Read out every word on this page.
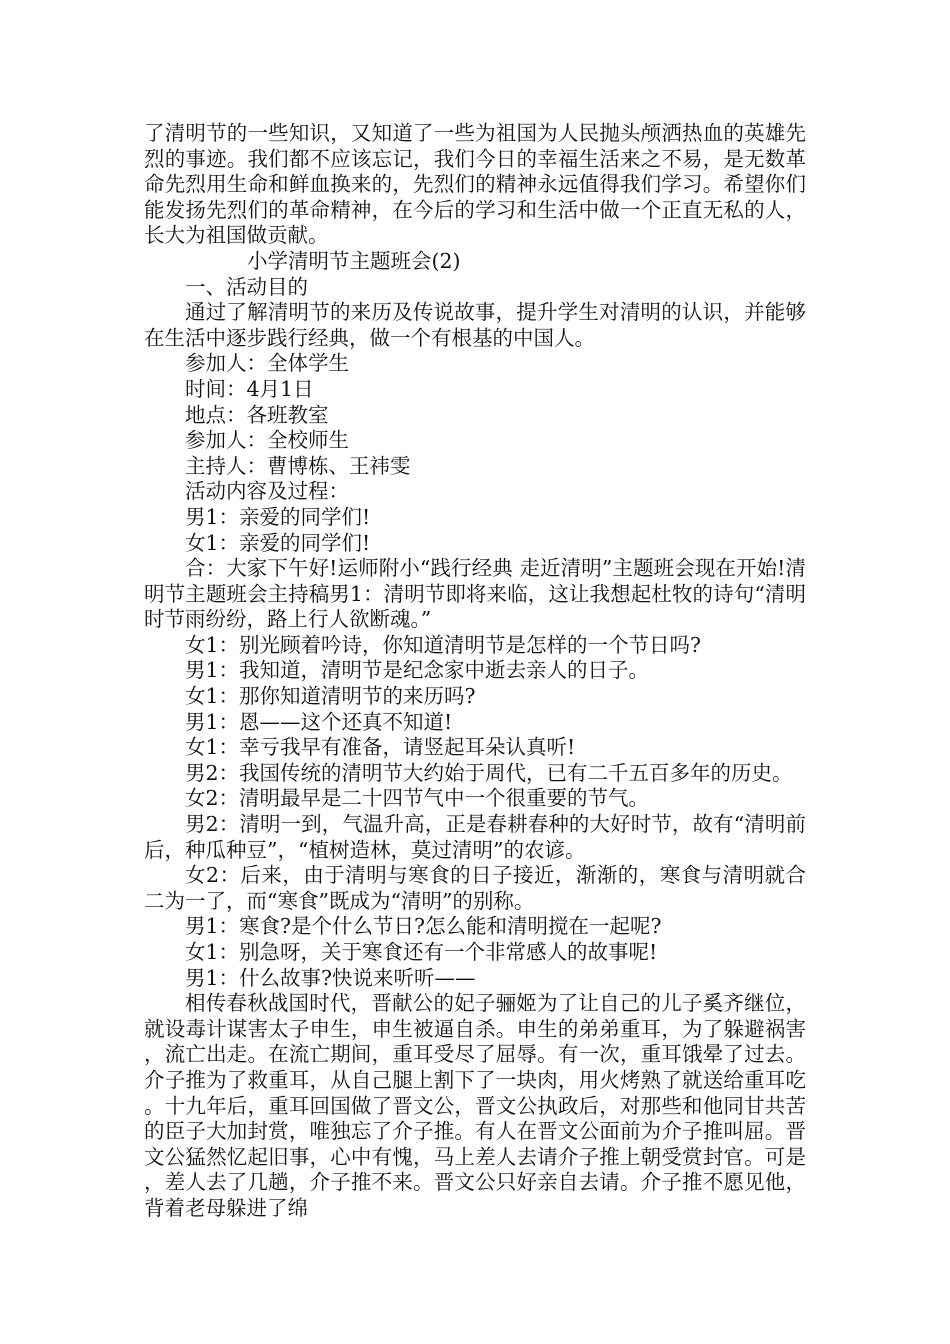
了清明节的一些知识，又知道了一些为祖国为人民抛头颅洒热血的英雄先烈的事迹。我们都不应该忘记，我们今日的幸福生活来之不易，是无数革命先烈用生命和鲜血换来的，先烈们的精神永远值得我们学习。希望你们能发扬先烈们的革命精神，在今后的学习和生活中做一个正直无私的人，长大为祖国做贡献。

小学清明节主题班会(2)

一、活动目的

通过了解清明节的来历及传说故事，提升学生对清明的认识，并能够在生活中逐步践行经典，做一个有根基的中国人。

参加人：全体学生

时间：4月1日

地点：各班教室

参加人：全校师生

主持人：曹博栋、王祎雯

活动内容及过程：

男1：亲爱的同学们!

女1：亲爱的同学们!

合：大家下午好!运师附小“践行经典 走近清明”主题班会现在开始!清明节主题班会主持稿男1：清明节即将来临，这让我想起杜牧的诗句“清明时节雨纷纷，路上行人欲断魂。”

女1：别光顾着吟诗，你知道清明节是怎样的一个节日吗?

男1：我知道，清明节是纪念家中逝去亲人的日子。

女1：那你知道清明节的来历吗?

男1：恩——这个还真不知道!

女1：幸亏我早有准备，请竖起耳朵认真听!

男2：我国传统的清明节大约始于周代，已有二千五百多年的历史。

女2：清明最早是二十四节气中一个很重要的节气。

男2：清明一到，气温升高，正是春耕春种的大好时节，故有“清明前后，种瓜种豆”，“植树造林，莫过清明”的农谚。

女2：后来，由于清明与寒食的日子接近，渐渐的，寒食与清明就合二为一了，而“寒食”既成为“清明”的别称。

男1：寒食?是个什么节日?怎么能和清明搅在一起呢?

女1：别急呀，关于寒食还有一个非常感人的故事呢!

男1：什么故事?快说来听听——

相传春秋战国时代，晋献公的妃子骊姬为了让自己的儿子奚齐继位，就设毒计谋害太子申生，申生被逼自杀。申生的弟弟重耳，为了躲避祸害，流亡出走。在流亡期间，重耳受尽了屈辱。有一次，重耳饿晕了过去。介子推为了救重耳，从自己腿上割下了一块肉，用火烤熟了就送给重耳吃。十九年后，重耳回国做了晋文公，晋文公执政后，对那些和他同甘共苦的臣子大加封赏，唯独忘了介子推。有人在晋文公面前为介子推叫屈。晋文公猛然忆起旧事，心中有愧，马上差人去请介子推上朝受赏封官。可是，差人去了几趟，介子推不来。晋文公只好亲自去请。介子推不愿见他，背着老母躲进了绵
